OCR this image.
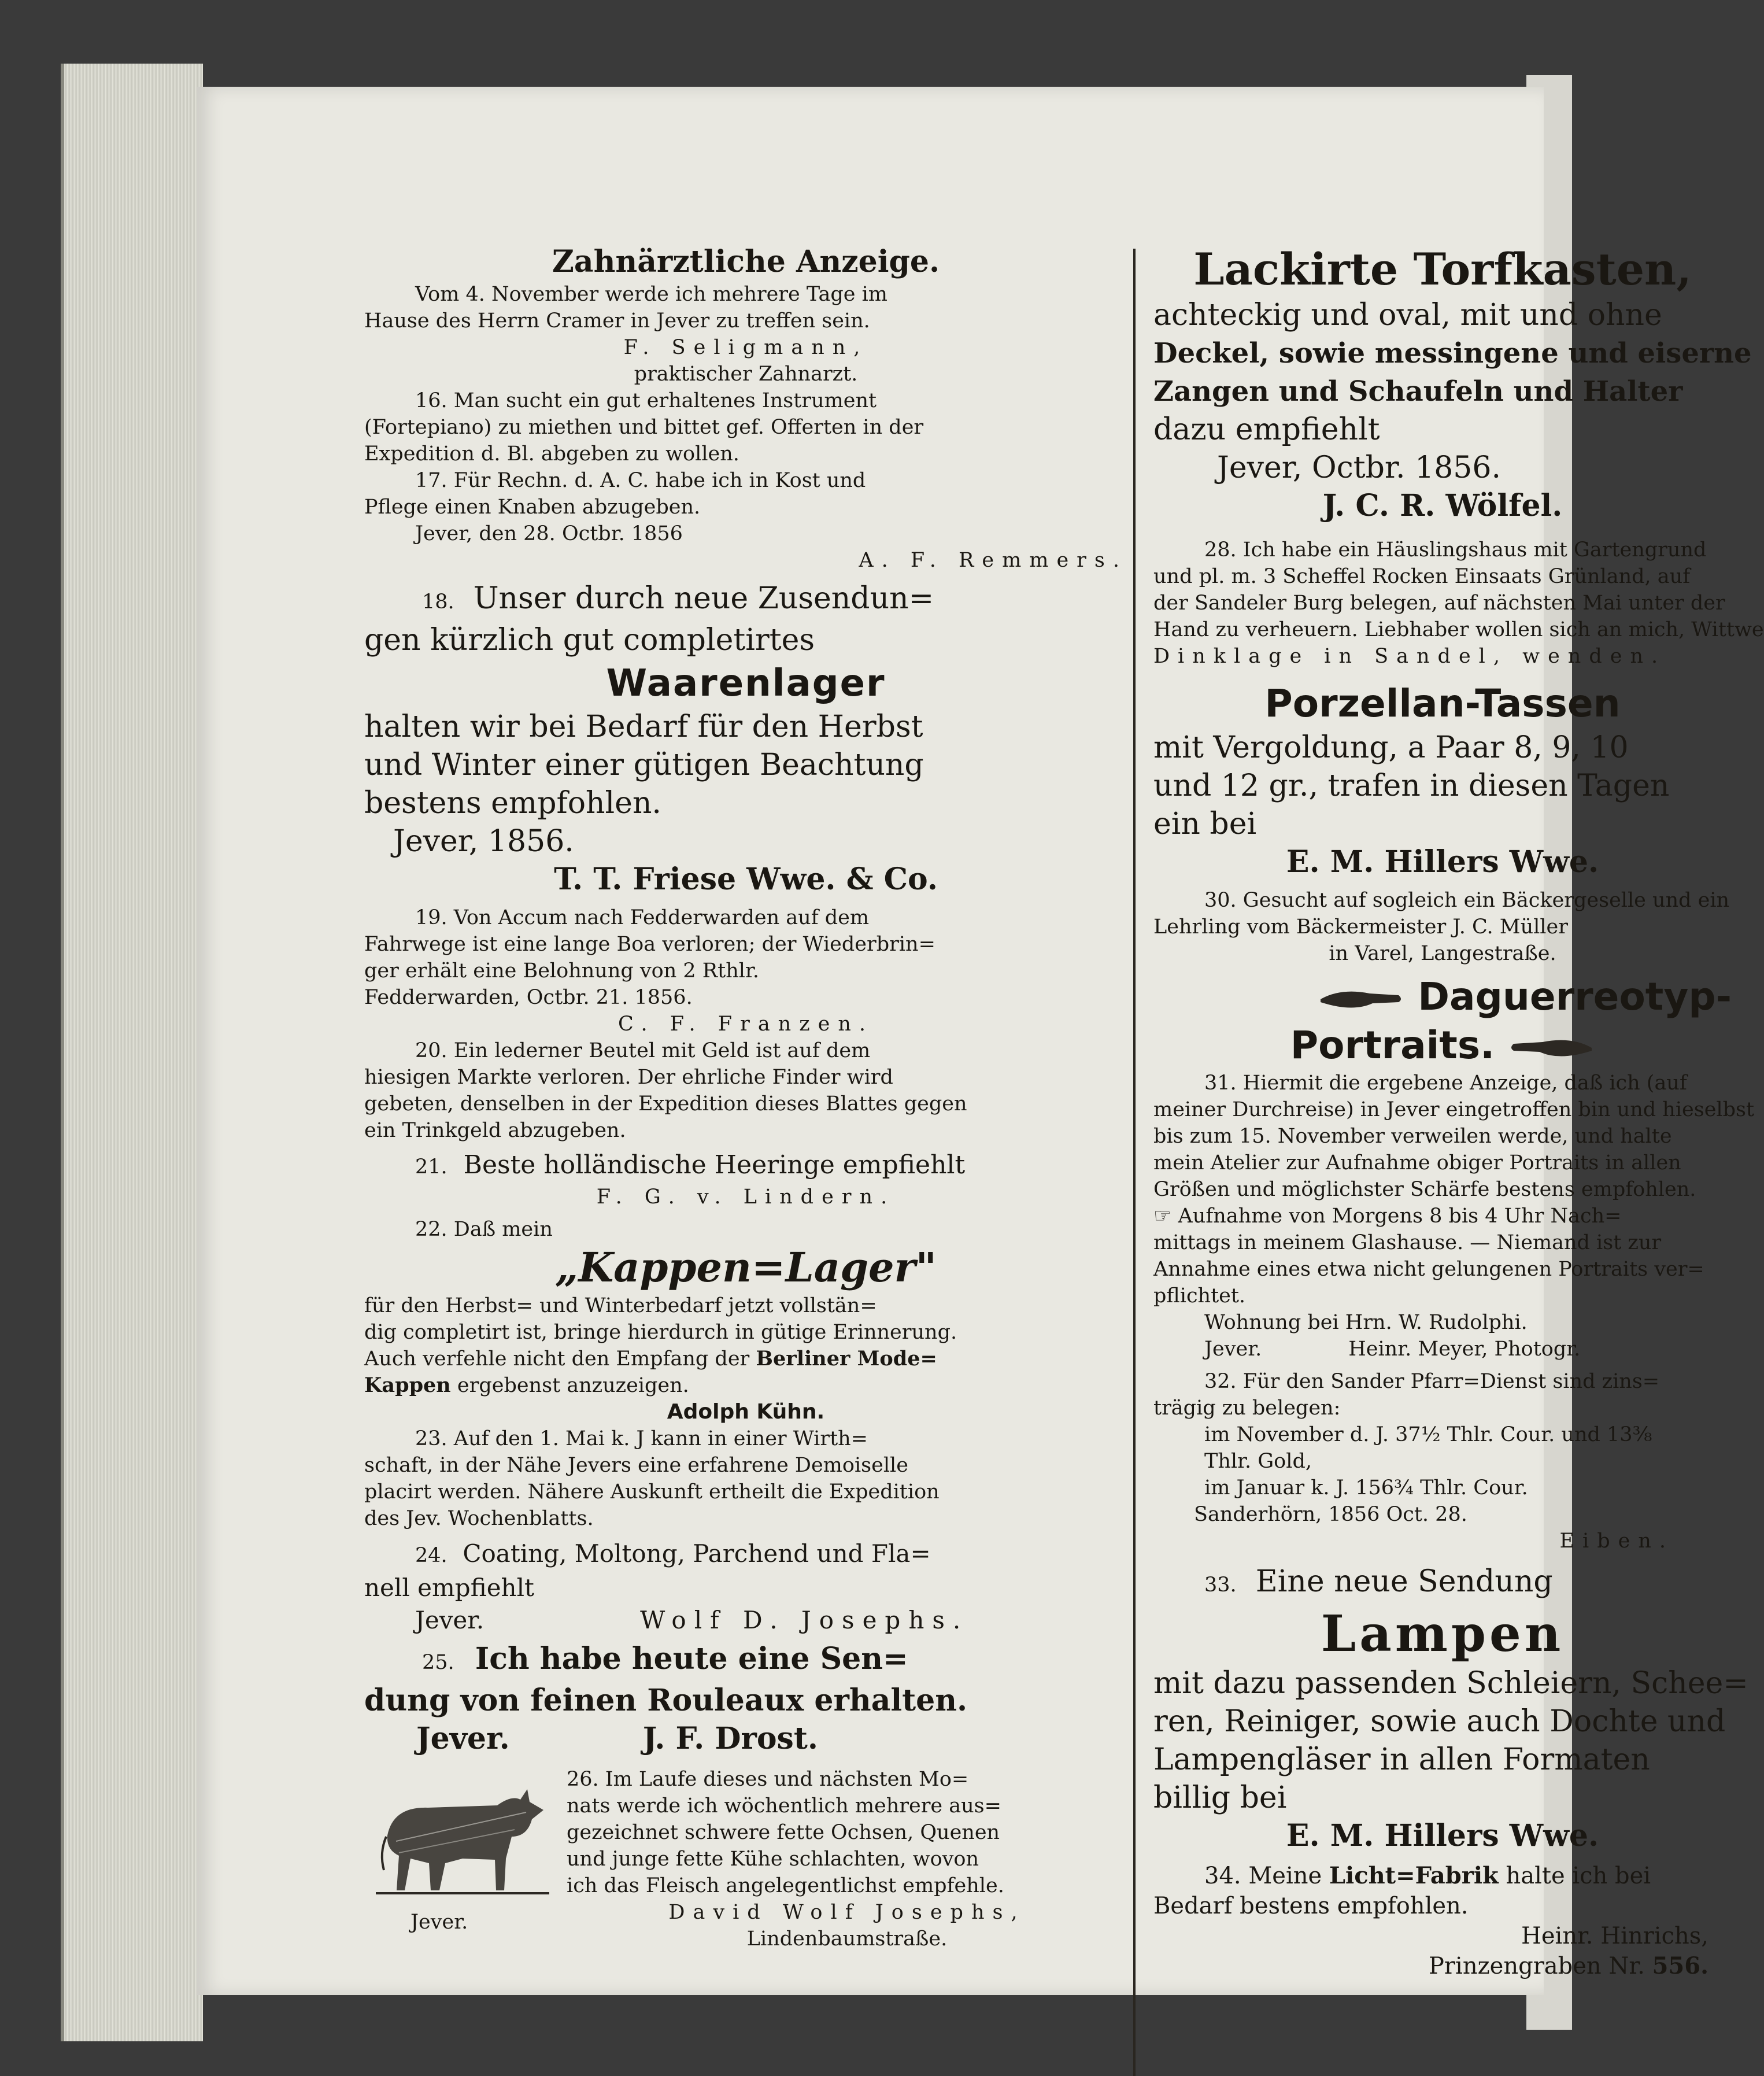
Zahnärztliche Anzeige.
Vom 4. November werde ich mehrere Tage im
Hause des Herrn Cramer in Jever zu treffen sein.
F. Seligmann,
praktischer Zahnarzt.
16. Man sucht ein gut erhaltenes Instrument
(Fortepiano) zu miethen und bittet gef. Offerten in der
Expedition d. Bl. abgeben zu wollen.
17. Für Rechn. d. A. C. habe ich in Kost und
Pflege einen Knaben abzugeben.
Jever, den 28. Octbr. 1856
A. F. Remmers.
18. Unser durch neue Zusendun=
gen kürzlich gut completirtes
Waarenlager
halten wir bei Bedarf für den Herbst
und Winter einer gütigen Beachtung
bestens empfohlen.
Jever, 1856.
T. T. Friese Wwe. & Co.
19. Von Accum nach Fedderwarden auf dem
Fahrwege ist eine lange Boa verloren; der Wiederbrin=
ger erhält eine Belohnung von 2 Rthlr.
Fedderwarden, Octbr. 21. 1856.
C. F. Franzen.
20. Ein lederner Beutel mit Geld ist auf dem
hiesigen Markte verloren. Der ehrliche Finder wird
gebeten, denselben in der Expedition dieses Blattes gegen
ein Trinkgeld abzugeben.
21. Beste holländische Heeringe empfiehlt
F. G. v. Lindern.
22. Daß mein
„Kappen=Lager"
für den Herbst= und Winterbedarf jetzt vollstän=
dig completirt ist, bringe hierdurch in gütige Erinnerung.
Auch verfehle nicht den Empfang der Berliner Mode=
Kappen ergebenst anzuzeigen.
Adolph Kühn.
23. Auf den 1. Mai k. J kann in einer Wirth=
schaft, in der Nähe Jevers eine erfahrene Demoiselle
placirt werden. Nähere Auskunft ertheilt die Expedition
des Jev. Wochenblatts.
24. Coating, Moltong, Parchend und Fla=
nell empfiehlt
Jever.	Wolf D. Josephs.
25. Ich habe heute eine Sen=
dung von feinen Rouleaux erhalten.
Jever.	J. F. Drost.
26. Im Laufe dieses und nächsten Mo=
nats werde ich wöchentlich mehrere aus=
gezeichnet schwere fette Ochsen, Quenen
und junge fette Kühe schlachten, wovon
ich das Fleisch angelegentlichst empfehle.
David Wolf Josephs,
Lindenbaumstraße.
Jever.
Lackirte Torfkasten,
achteckig und oval, mit und ohne
Deckel, sowie messingene und eiserne
Zangen und Schaufeln und Halter
dazu empfiehlt
Jever, Octbr. 1856.
J. C. R. Wölfel.
28. Ich habe ein Häuslingshaus mit Gartengrund
und pl. m. 3 Scheffel Rocken Einsaats Grünland, auf
der Sandeler Burg belegen, auf nächsten Mai unter der
Hand zu verheuern. Liebhaber wollen sich an mich, Wittwe
Dinklage in Sandel, wenden.
Porzellan-Tassen
mit Vergoldung, a Paar 8, 9, 10
und 12 gr., trafen in diesen Tagen
ein bei
E. M. Hillers Wwe.
30. Gesucht auf sogleich ein Bäckergeselle und ein
Lehrling vom Bäckermeister J. C. Müller
in Varel, Langestraße.
Daguerreotyp-
Portraits.
31. Hiermit die ergebene Anzeige, daß ich (auf
meiner Durchreise) in Jever eingetroffen bin und hieselbst
bis zum 15. November verweilen werde, und halte
mein Atelier zur Aufnahme obiger Portraits in allen
Größen und möglichster Schärfe bestens empfohlen.
☞ Aufnahme von Morgens 8 bis 4 Uhr Nach=
mittags in meinem Glashause. — Niemand ist zur
Annahme eines etwa nicht gelungenen Portraits ver=
pflichtet.
Wohnung bei Hrn. W. Rudolphi.
Jever.	Heinr. Meyer, Photogr.
32. Für den Sander Pfarr=Dienst sind zins=
trägig zu belegen:
im November d. J. 37½ Thlr. Cour. und 13⅜
Thlr. Gold,
im Januar k. J. 156¾ Thlr. Cour.
Sanderhörn, 1856 Oct. 28.
Eiben.
33. Eine neue Sendung
Lampen
mit dazu passenden Schleiern, Schee=
ren, Reiniger, sowie auch Dochte und
Lampengläser in allen Formaten
billig bei
E. M. Hillers Wwe.
34. Meine Licht=Fabrik halte ich bei
Bedarf bestens empfohlen.
Heinr. Hinrichs,
Prinzengraben Nr. 556.
